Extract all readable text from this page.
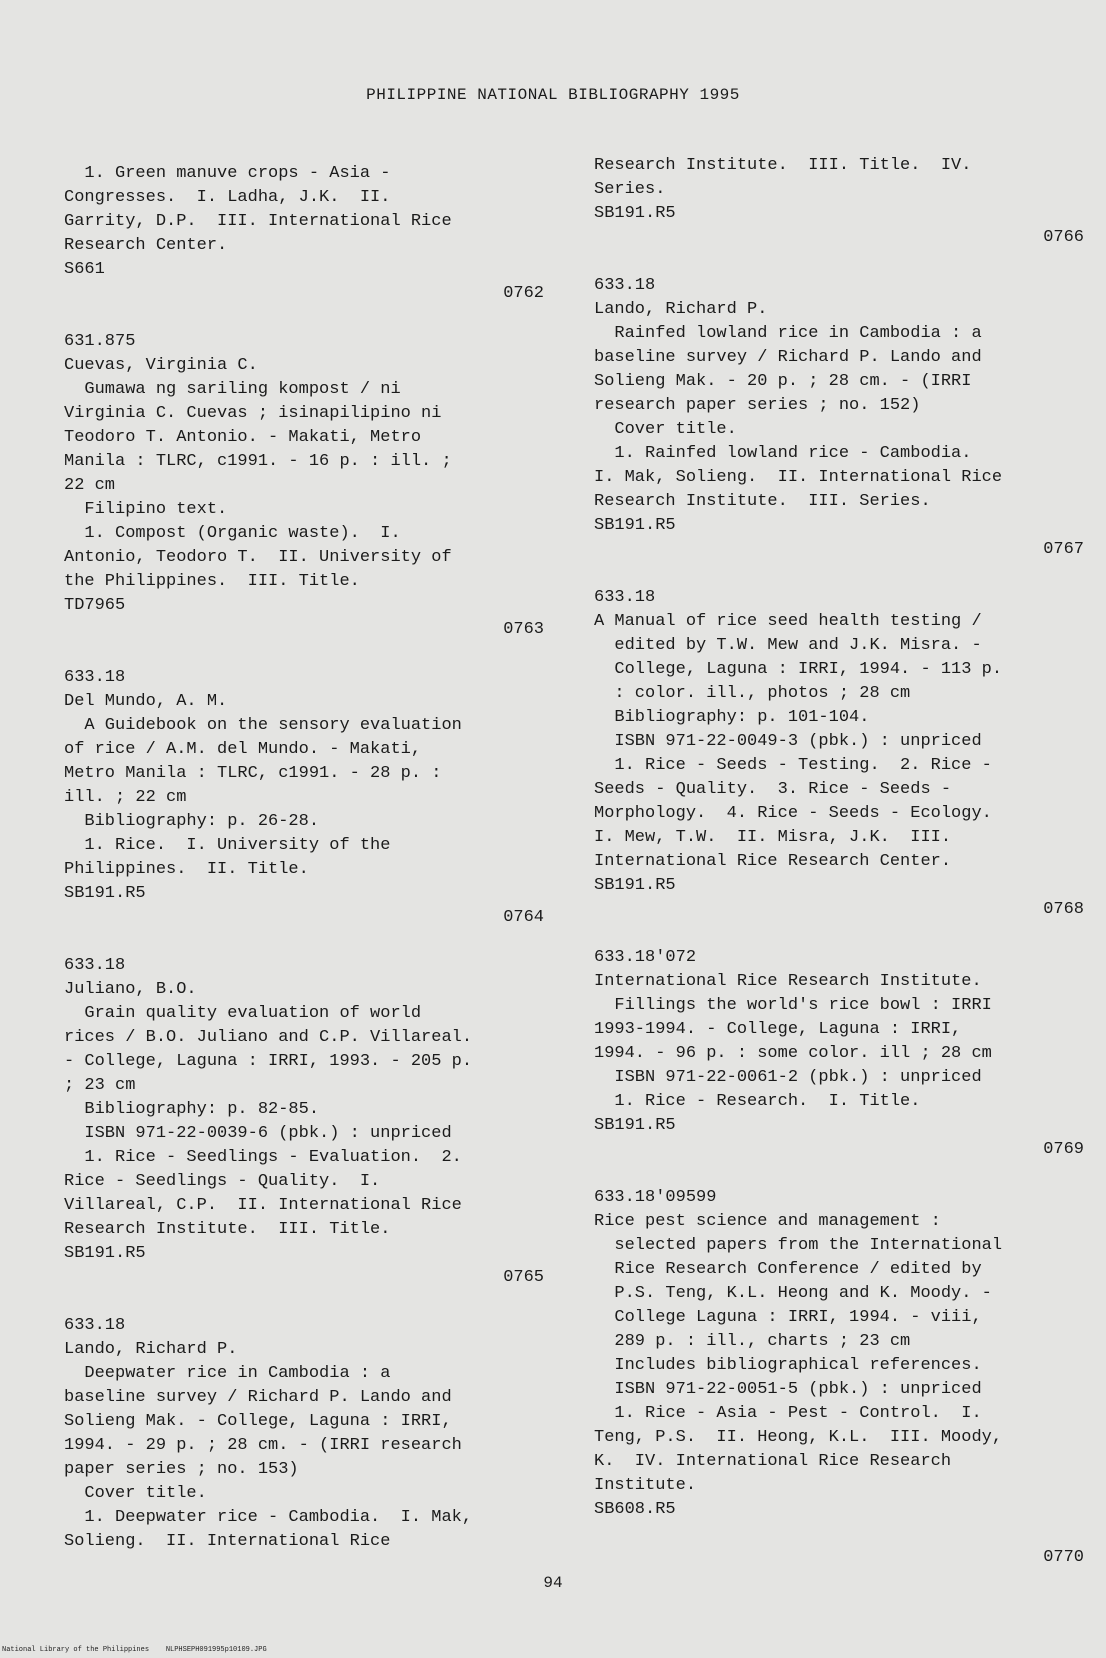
PHILIPPINE NATIONAL BIBLIOGRAPHY 1995
1. Green manuve crops - Asia -
Congresses.  I. Ladha, J.K.  II.
Garrity, D.P.  III. International Rice
Research Center.
S661
0762
631.875
Cuevas, Virginia C.
Gumawa ng sariling kompost / ni
Virginia C. Cuevas ; isinapilipino ni
Teodoro T. Antonio. - Makati, Metro
Manila : TLRC, c1991. - 16 p. : ill. ;
22 cm
Filipino text.
1. Compost (Organic waste).  I.
Antonio, Teodoro T.  II. University of
the Philippines.  III. Title.
TD7965
0763
633.18
Del Mundo, A. M.
A Guidebook on the sensory evaluation
of rice / A.M. del Mundo. - Makati,
Metro Manila : TLRC, c1991. - 28 p. :
ill. ; 22 cm
Bibliography: p. 26-28.
1. Rice.  I. University of the
Philippines.  II. Title.
SB191.R5
0764
633.18
Juliano, B.O.
Grain quality evaluation of world
rices / B.O. Juliano and C.P. Villareal.
- College, Laguna : IRRI, 1993. - 205 p.
; 23 cm
Bibliography: p. 82-85.
ISBN 971-22-0039-6 (pbk.) : unpriced
1. Rice - Seedlings - Evaluation.  2.
Rice - Seedlings - Quality.  I.
Villareal, C.P.  II. International Rice
Research Institute.  III. Title.
SB191.R5
0765
633.18
Lando, Richard P.
Deepwater rice in Cambodia : a
baseline survey / Richard P. Lando and
Solieng Mak. - College, Laguna : IRRI,
1994. - 29 p. ; 28 cm. - (IRRI research
paper series ; no. 153)
Cover title.
1. Deepwater rice - Cambodia.  I. Mak,
Solieng.  II. International Rice
Research Institute.  III. Title.  IV.
Series.
SB191.R5
0766
633.18
Lando, Richard P.
Rainfed lowland rice in Cambodia : a
baseline survey / Richard P. Lando and
Solieng Mak. - 20 p. ; 28 cm. - (IRRI
research paper series ; no. 152)
Cover title.
1. Rainfed lowland rice - Cambodia.
I. Mak, Solieng.  II. International Rice
Research Institute.  III. Series.
SB191.R5
0767
633.18
A Manual of rice seed health testing /
edited by T.W. Mew and J.K. Misra. -
College, Laguna : IRRI, 1994. - 113 p.
: color. ill., photos ; 28 cm
Bibliography: p. 101-104.
ISBN 971-22-0049-3 (pbk.) : unpriced
1. Rice - Seeds - Testing.  2. Rice -
Seeds - Quality.  3. Rice - Seeds -
Morphology.  4. Rice - Seeds - Ecology.
I. Mew, T.W.  II. Misra, J.K.  III.
International Rice Research Center.
SB191.R5
0768
633.18'072
International Rice Research Institute.
Fillings the world's rice bowl : IRRI
1993-1994. - College, Laguna : IRRI,
1994. - 96 p. : some color. ill ; 28 cm
ISBN 971-22-0061-2 (pbk.) : unpriced
1. Rice - Research.  I. Title.
SB191.R5
0769
633.18'09599
Rice pest science and management :
selected papers from the International
Rice Research Conference / edited by
P.S. Teng, K.L. Heong and K. Moody. -
College Laguna : IRRI, 1994. - viii,
289 p. : ill., charts ; 23 cm
Includes bibliographical references.
ISBN 971-22-0051-5 (pbk.) : unpriced
1. Rice - Asia - Pest - Control.  I.
Teng, P.S.  II. Heong, K.L.  III. Moody,
K.  IV. International Rice Research
Institute.
SB608.R5
0770
94
National Library of the Philippines    NLPHSEPH091995p10109.JPG
